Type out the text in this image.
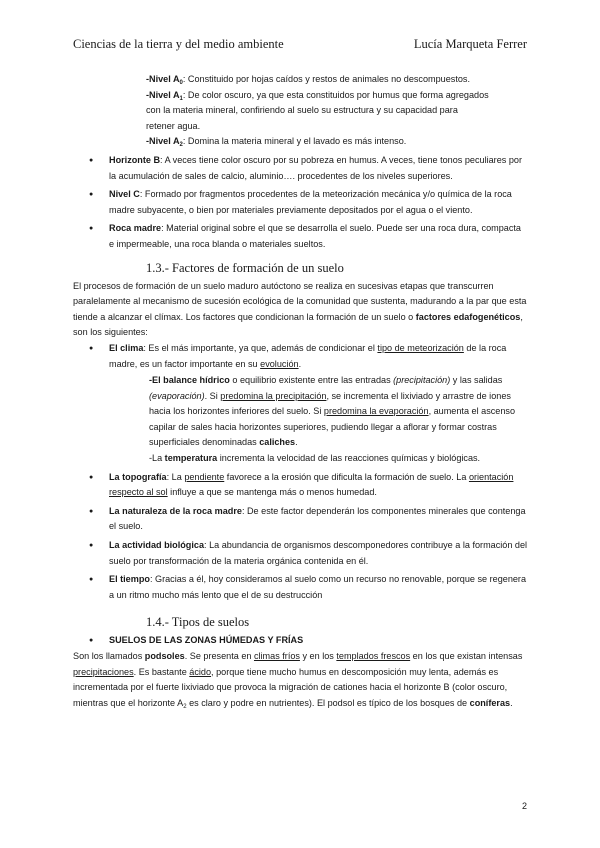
Ciencias de la tierra y del medio ambiente	Lucía Marqueta Ferrer

-Nivel $A_0$: Constituido por hojas caídos y restos de animales no descompuestos.

-Nivel $A_1$: De color oscuro, ya que esta constituidos por humus que forma agregados

con la materia mineral, confiriendo al suelo su estructura y su capacidad para

retener agua.

-Nivel $A_2$: Domina la materia mineral y el lavado es más intenso.

● Horizonte B: A veces tiene color oscuro por su pobreza en humus. A veces, tiene tonos peculiares por la acumulación de sales de calcio, aluminio…. procedentes de los niveles superiores.
● Nivel C: Formado por fragmentos procedentes de la meteorización mecánica y/o química de la roca madre subyacente, o bien por materiales previamente depositados por el agua o el viento.
● Roca madre: Material original sobre el que se desarrolla el suelo. Puede ser una roca dura, compacta e impermeable, una roca blanda o materiales sueltos.
1.3.- Factores de formación de un suelo

El procesos de formación de un suelo maduro autóctono se realiza en sucesivas etapas que transcurren paralelamente al mecanismo de sucesión ecológica de la comunidad que sustenta, madurando a la par que esta tiende a alcanzar el clímax. Los factores que condicionan la formación de un suelo o factores edafogenéticos, son los siguientes:

● El clima: Es el más importante, ya que, además de condicionar el tipo de meteorización de la roca madre, es un factor importante en su evolución.

-El balance hídrico o equilibrio existente entre las entradas (precipitación) y las salidas (evaporación). Si predomina la precipitación, se incrementa el lixiviado y arrastre de iones hacia los horizontes inferiores del suelo. Si predomina la evaporación, aumenta el ascenso capilar de sales hacia horizontes superiores, pudiendo llegar a aflorar y formar costras superficiales denominadas caliches.

-La temperatura incrementa la velocidad de las reacciones químicas y biológicas.

● La topografía: La pendiente favorece a la erosión que dificulta la formación de suelo. La orientación respecto al sol influye a que se mantenga más o menos humedad.
● La naturaleza de la roca madre: De este factor dependerán los componentes minerales que contenga el suelo.
● La actividad biológica: La abundancia de organismos descomponedores contribuye a la formación del suelo por transformación de la materia orgánica contenida en él.
● El tiempo: Gracias a él, hoy consideramos al suelo como un recurso no renovable, porque se regenera a un ritmo mucho más lento que el de su destrucción
1.4.- Tipos de suelos
● SUELOS DE LAS ZONAS HÚMEDAS Y FRÍAS

Son los llamados podsoles. Se presenta en climas fríos y en los templados frescos en los que existan intensas precipitaciones. Es bastante ácido, porque tiene mucho humus en descomposición muy lenta, además es incrementada por el fuerte lixiviado que provoca la migración de cationes hacia el horizonte B (color oscuro, mientras que el horizonte $A_2$ es claro y podre en nutrientes). El podsol es típico de los bosques de coníferas.

2
